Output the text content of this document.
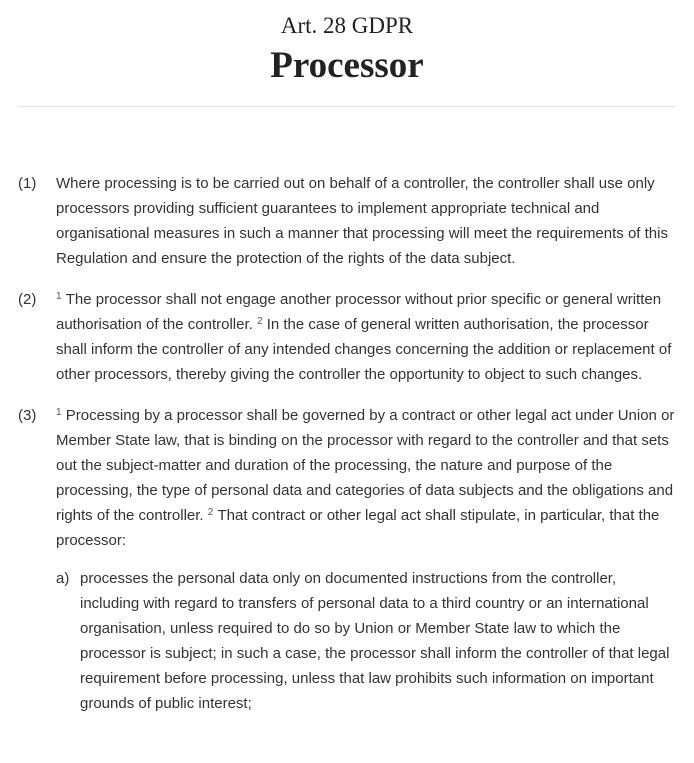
Art. 28 GDPR
Processor
(1) Where processing is to be carried out on behalf of a controller, the controller shall use only processors providing sufficient guarantees to implement appropriate technical and organisational measures in such a manner that processing will meet the requirements of this Regulation and ensure the protection of the rights of the data subject.
(2) $^1$ The processor shall not engage another processor without prior specific or general written authorisation of the controller. $^2$ In the case of general written authorisation, the processor shall inform the controller of any intended changes concerning the addition or replacement of other processors, thereby giving the controller the opportunity to object to such changes.
(3) $^1$ Processing by a processor shall be governed by a contract or other legal act under Union or Member State law, that is binding on the processor with regard to the controller and that sets out the subject-matter and duration of the processing, the nature and purpose of the processing, the type of personal data and categories of data subjects and the obligations and rights of the controller. $^2$ That contract or other legal act shall stipulate, in particular, that the processor:
a) processes the personal data only on documented instructions from the controller, including with regard to transfers of personal data to a third country or an international organisation, unless required to do so by Union or Member State law to which the processor is subject; in such a case, the processor shall inform the controller of that legal requirement before processing, unless that law prohibits such information on important grounds of public interest;
